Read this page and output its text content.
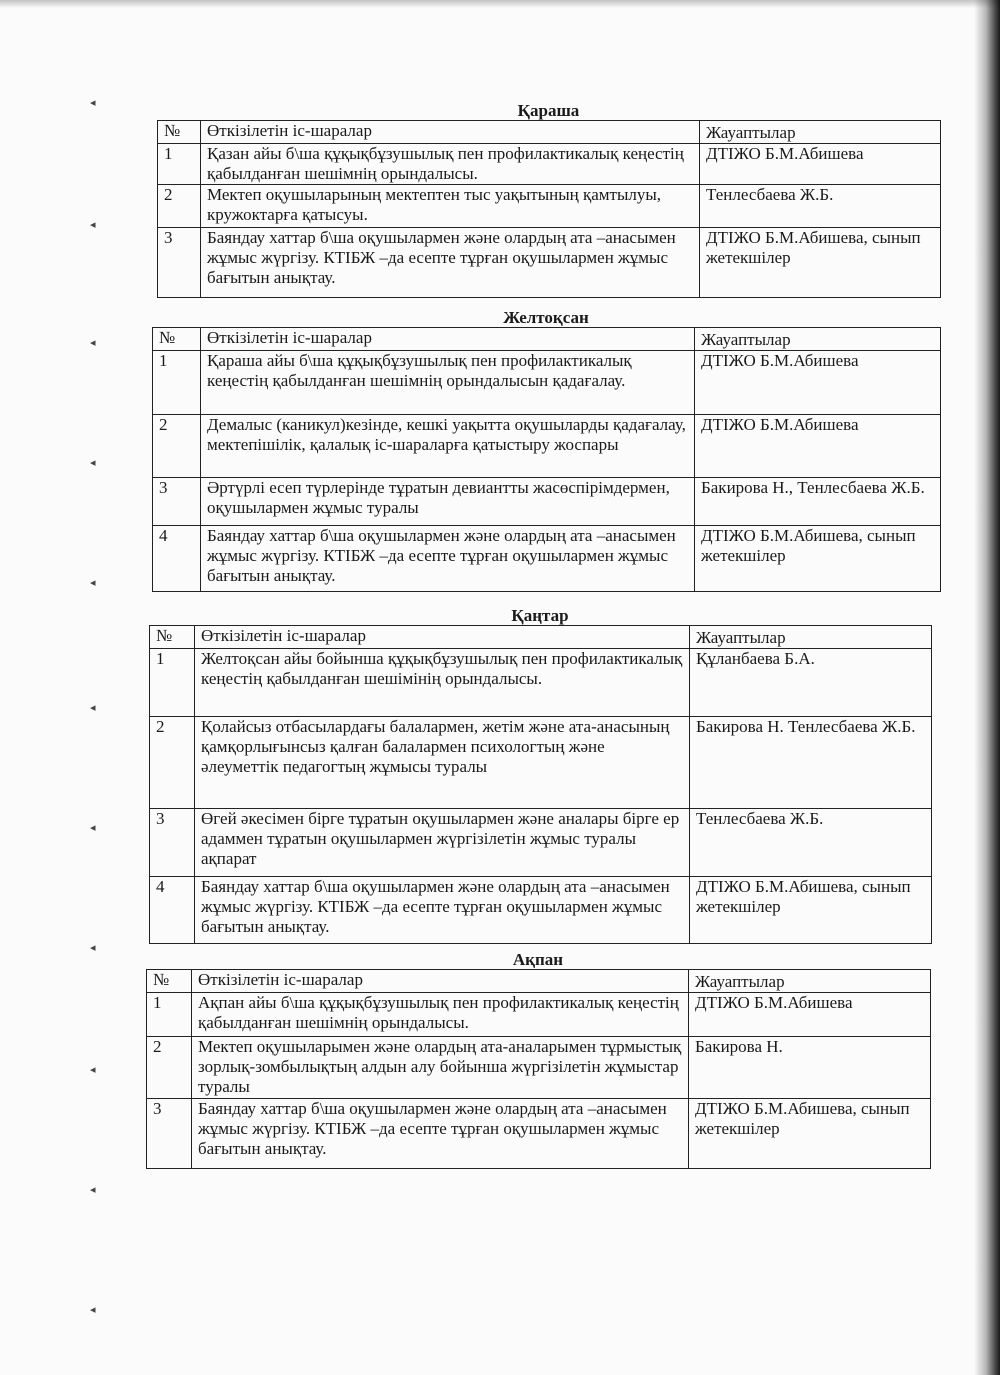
◂
◂
◂
◂
◂
◂
◂
◂
◂
◂
◂
Қараша
№	Өткізілетін іс-шаралар	Жауаптылар
1	Қазан айы б\ша құқықбұзушылық пен профилактикалық кеңестің қабылданған шешімнің орындалысы.	ДТІЖО Б.М.Абишева
2	Мектеп оқушыларының мектептен тыс уақытының қамтылуы, кружоктарға қатысуы.	Тенлесбаева Ж.Б.
3	Баяндау хаттар б\ша оқушылармен және олардың ата –анасымен жұмыс жүргізу. КТІБЖ –да есепте тұрған оқушылармен жұмыс бағытын анықтау.	ДТІЖО Б.М.Абишева, сынып жетекшілер
Желтоқсан
№	Өткізілетін іс-шаралар	Жауаптылар
1	Қараша айы б\ша құқықбұзушылық пен профилактикалық кеңестің қабылданған шешімнің орындалысын қадағалау.	ДТІЖО Б.М.Абишева
2	Демалыс (каникул)кезінде, кешкі уақытта оқушыларды қадағалау, мектепішілік, қалалық іс-шараларға қатыстыру жоспары	ДТІЖО Б.М.Абишева
3	Әртүрлі есеп түрлерінде тұратын девиантты жасөспірімдермен, оқушылармен жұмыс туралы	Бакирова Н., Тенлесбаева Ж.Б.
4	Баяндау хаттар б\ша оқушылармен және олардың ата –анасымен жұмыс жүргізу. КТІБЖ –да есепте тұрған оқушылармен жұмыс бағытын анықтау.	ДТІЖО Б.М.Абишева, сынып жетекшілер
Қаңтар
№	Өткізілетін іс-шаралар	Жауаптылар
1	Желтоқсан айы бойынша құқықбұзушылық пен профилактикалық кеңестің қабылданған шешімінің орындалысы.	Құланбаева Б.А.
2	Қолайсыз отбасылардағы балалармен, жетім және ата-анасының қамқорлығынсыз қалған балалармен психологтың және әлеуметтік педагогтың жұмысы туралы	Бакирова Н. Тенлесбаева Ж.Б.
3	Өгей әкесімен бірге тұратын оқушылармен және аналары бірге ер адаммен тұратын оқушылармен жүргізілетін жұмыс туралы ақпарат	Тенлесбаева Ж.Б.
4	Баяндау хаттар б\ша оқушылармен және олардың ата –анасымен жұмыс жүргізу. КТІБЖ –да есепте тұрған оқушылармен жұмыс бағытын анықтау.	ДТІЖО Б.М.Абишева, сынып жетекшілер
Ақпан
№	Өткізілетін іс-шаралар	Жауаптылар
1	Ақпан айы б\ша құқықбұзушылық пен профилактикалық кеңестің қабылданған шешімнің орындалысы.	ДТІЖО Б.М.Абишева
2	Мектеп оқушыларымен және олардың ата-аналарымен тұрмыстық зорлық-зомбылықтың алдын алу бойынша жүргізілетін жұмыстар туралы	Бакирова Н.
3	Баяндау хаттар б\ша оқушылармен және олардың ата –анасымен жұмыс жүргізу. КТІБЖ –да есепте тұрған оқушылармен жұмыс бағытын анықтау.	ДТІЖО Б.М.Абишева, сынып жетекшілер
